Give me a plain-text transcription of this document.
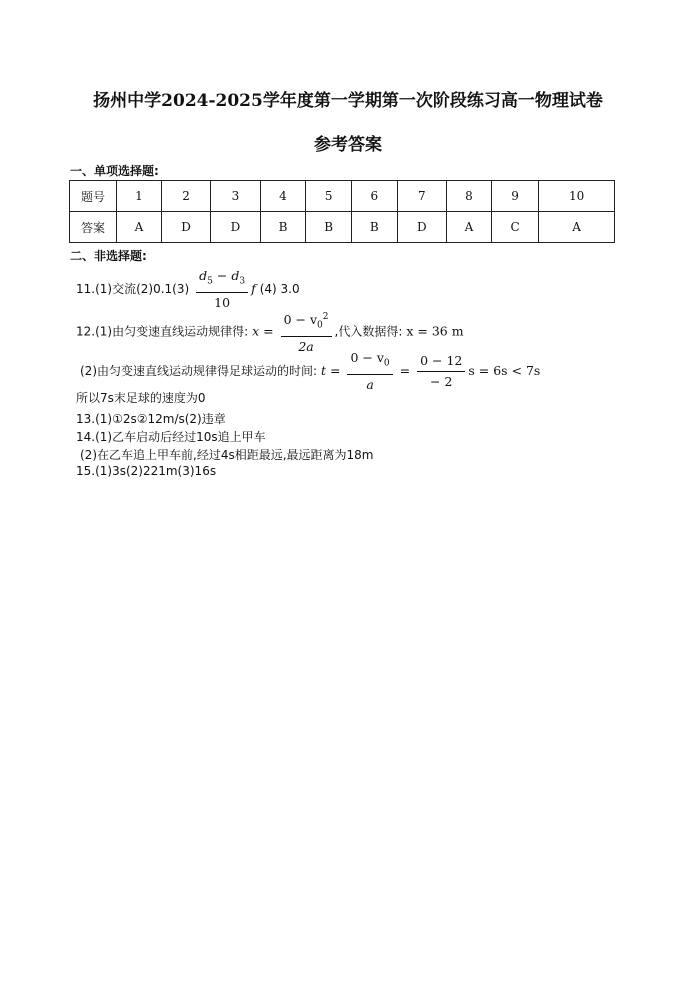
扬州中学2024-2025学年度第一学期第一次阶段练习高一物理试卷
参考答案
一、单项选择题:
题号	1	2	3	4	5	6	7	8	9	10
答案	A	D	D	B	B	B	D	A	C	A
二、非选择题:
11.(1)交流$(2)0.1(3) \frac{d_5 - d_3}{10}$ f (4) 3.0
12.(1)由匀变速直线运动规律得: $x = \frac{0 - v_0^2}{2a}$ ,代入数据得: x = 36 m
(2)由匀变速直线运动规律得足球运动的时间: $t = \frac{0 - v_0}{a} = \frac{0 - 12}{- 2}$ s = 6s < 7s
所以7s末足球的速度为0
13.(1)①2s②12m/s(2)违章
14.(1)乙车启动后经过10s追上甲车
(2)在乙车追上甲车前,经过4s相距最远,最远距离为18m
15.(1)3s(2)221m(3)16s
